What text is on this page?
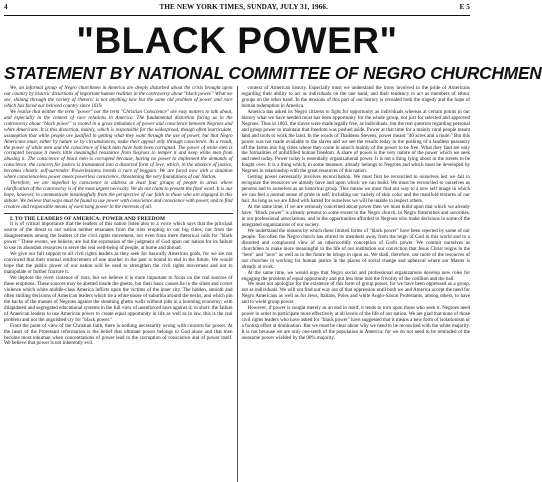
4	THE NEW YORK TIMES, SUNDAY, JULY 31, 1966.	E 5
"BLACK POWER"
STATEMENT BY NATIONAL COMMITTEE OF NEGRO CHURCHMEN

We, an informal group of Negro churchmen in America are deeply disturbed about the crisis brought upon our country by historic distortions of important human realities in the controversy about "black power." What we see, shining through the variety of rhetoric is not anything new but the same old problem of power and race which has faced our beloved country since 1619.

We realize that neither the term "power" nor the term "Christian Conscience" are easy matters to talk about, and especially in the context of race relations in America. The fundamental distortion facing us in the controversy about "black power" is rooted in a gross imbalance of power and conscience between Negroes and white Americans. It is this distortion, mainly, which is responsible for the widespread, though often inarticulate, assumption that white people are justified in getting what they want through the use of power, but that Negro Americans must, either by nature or by circumstances, make their appeal only through conscience. As a result, the power of white men and the conscience of black men have both been corrupted. The power of white men is corrupted because it meets little meaningful resistance from Negroes to temper it and keep white men from abusing it. The conscience of black men is corrupted because, having no power to implement the demands of conscience, the concern for justice is transmuted into a distorted form of love, which, in the absence of justice, becomes chaotic self-surrender. Powerlessness breeds a race of beggars. We are faced now with a situation where conscienceless power meets powerless conscience, threatening the very foundations of our Nation.

Therefore, we are impelled by conscience to address at least four groups of people in areas where clarification of the controversy is of the most urgent necessity. We do not claim to present the final word. It is our hope, however, to communicate meaningfully from the perspective of our faith to those who are engaged in this debate. We believe that ways must be found to use power with conscience and conscience with power, and to find creative and responsible means of exercising power in the interests of all.

I. TO THE LEADERS OF AMERICA: POWER AND FREEDOM

It is of critical importance that the leaders of this nation listen also to a voice which says that the principal source of the threat to our nation neither emanates from the riots erupting in our big cities, nor from the disagreements among the leaders of the civil rights movement, nor even from mere rhetorical calls for "black power." These events, we believe, are but the expression of the judgment of God upon our nation for its failure to use its abundant resources to serve the real well-being of people, at home and abroad.

We give our full support to all civil rights leaders as they seek for basically American goals, for we are not convinced that their mutual reinforcement of one another in the past is bound to end in the future. We would hope that the public power of our nation will be used to strengthen the civil rights movement and not to manipulate or further fracture it.

We deplore the overt violence of riots, but we believe it is more important to focus on the real sources of these eruptions. These sources may be abetted inside the ghetto, but their basic causes lie in the silent and covert violence which white middle-class America inflicts upon the victims of the inner city. The hidden, smooth and often smiling decisions of American leaders which tie a white noose of suburbia around the necks, and which pin the backs of the masses of Negroes against the steaming ghetto walls without jobs in a booming economy; with dilapidated and segregated educational systems in the full view of unenforced laws against it; in short: the failure of American leaders to use American power to create equal opportunity in life as well as in law, this is the real problem and not the anguished cry for "black power."

From the point of view of the Christian faith, there is nothing necessarily wrong with concern for power. At the heart of the Protestant reformation is the belief that ultimate power belongs to God alone and that men become most inhuman when concentrations of power lead to the corruption of conscience and of power itself. We believe that power is not inherently evil.

context of American history. Especially must we understand the irony involved in the pride of Americans regarding their ability to act as individuals on the one hand, and their tendency to act as members of ethnic groups on the other hand. In the tensions of this part of our history is revealed both the tragedy and the hope of human redemption in America.

America has asked its Negro citizens to fight for opportunity as individuals whereas at certain points in our history what we have needed most has been opportunity for the whole group, not just for selected and approved Negroes. Thus in 1863, the slaves were made legally free, as individuals, but the real question regarding personal and group power to maintain that freedom was pushed aside. Power at that time for a mainly rural people meant land and tools to work the land. In the words of Thaddeus Stevens, power meant "40 acres and a mule." But this power was not made available to the slaves and we see the results today in the pushing of a landless peasantry off the farms into big cities where they come in search mainly of the power to be free. What they find are only the formalities of unfulfilled human freedom. A share of power is the very nature of the power which we seek and need today. Power today is essentially organizational power. It is not a thing lying about in the streets to be fought over. It is a thing which, in some measure, already belongs to Negroes and which must be developed by Negroes in relationship with the great resources of this nation.

Getting power necessarily involves reconciliation. We must first be reconciled to ourselves lest we fail to recognize the resources we already have and upon which we can build. We must be reconciled to ourselves as persons and to ourselves as an historical group. This means we must find our way to a new self image in which we can feel a normal sense of pride in self, including our variety of skin color and the manifold textures of our hair. As long as we are filled with hatred for ourselves we will be unable to respect others.

At the same time, if we are seriously concerned about power then we must build upon that which we already have. "Black power" is already present to some extent in the Negro church, in Negro fraternities and sororities, in our professional associations, and in the opportunities afforded to Negroes who make decisions in some of the integrated organizations of our society.

We understand the reasons by which these limited forms of "black power" have been rejected by some of our people. Too often the Negro church has stirred its members away from the reign of God in this world and to a distorted and complacent view of an otherworldly conception of God's power. We commit ourselves as churchmen to make more meaningful in the life of our institution our conviction that Jesus Christ reigns in the "here" and "now" as well as in the future he brings in upon us. We shall, therefore, use more of the resources of our churches in working for human justice in the places of social change and upheaval where our Master is already at work.

At the same time, we would urge that Negro social and professional organizations develop new roles for engaging the problem of equal opportunity and put less time into the frivolity of the cotillion and the ball.

We must not apologize for the existence of this form of group power, for we have been oppressed as a group, not as individuals. We will not find our way out of that oppression until both we and America accept the need for Negro Americans as well as for Jews, Italians, Poles and white Anglo-Saxon Protestants, among others, to have and to wield group power.

However, if power is sought merely as an end in itself, it tends to turn upon those who seek it. Negroes need power in order to participate more effectively at all levels of the life of our nation. We are glad that none of those civil rights leaders who have asked for "black power" have suggested that it means a new form of isolationism or a foolish effort at domination. But we must be clear about why we need to be reconciled with the white majority. It is not because we are only one-tenth of the population in America; for we do not need to be reminded of the awesome power wielded by the 90% majority.
